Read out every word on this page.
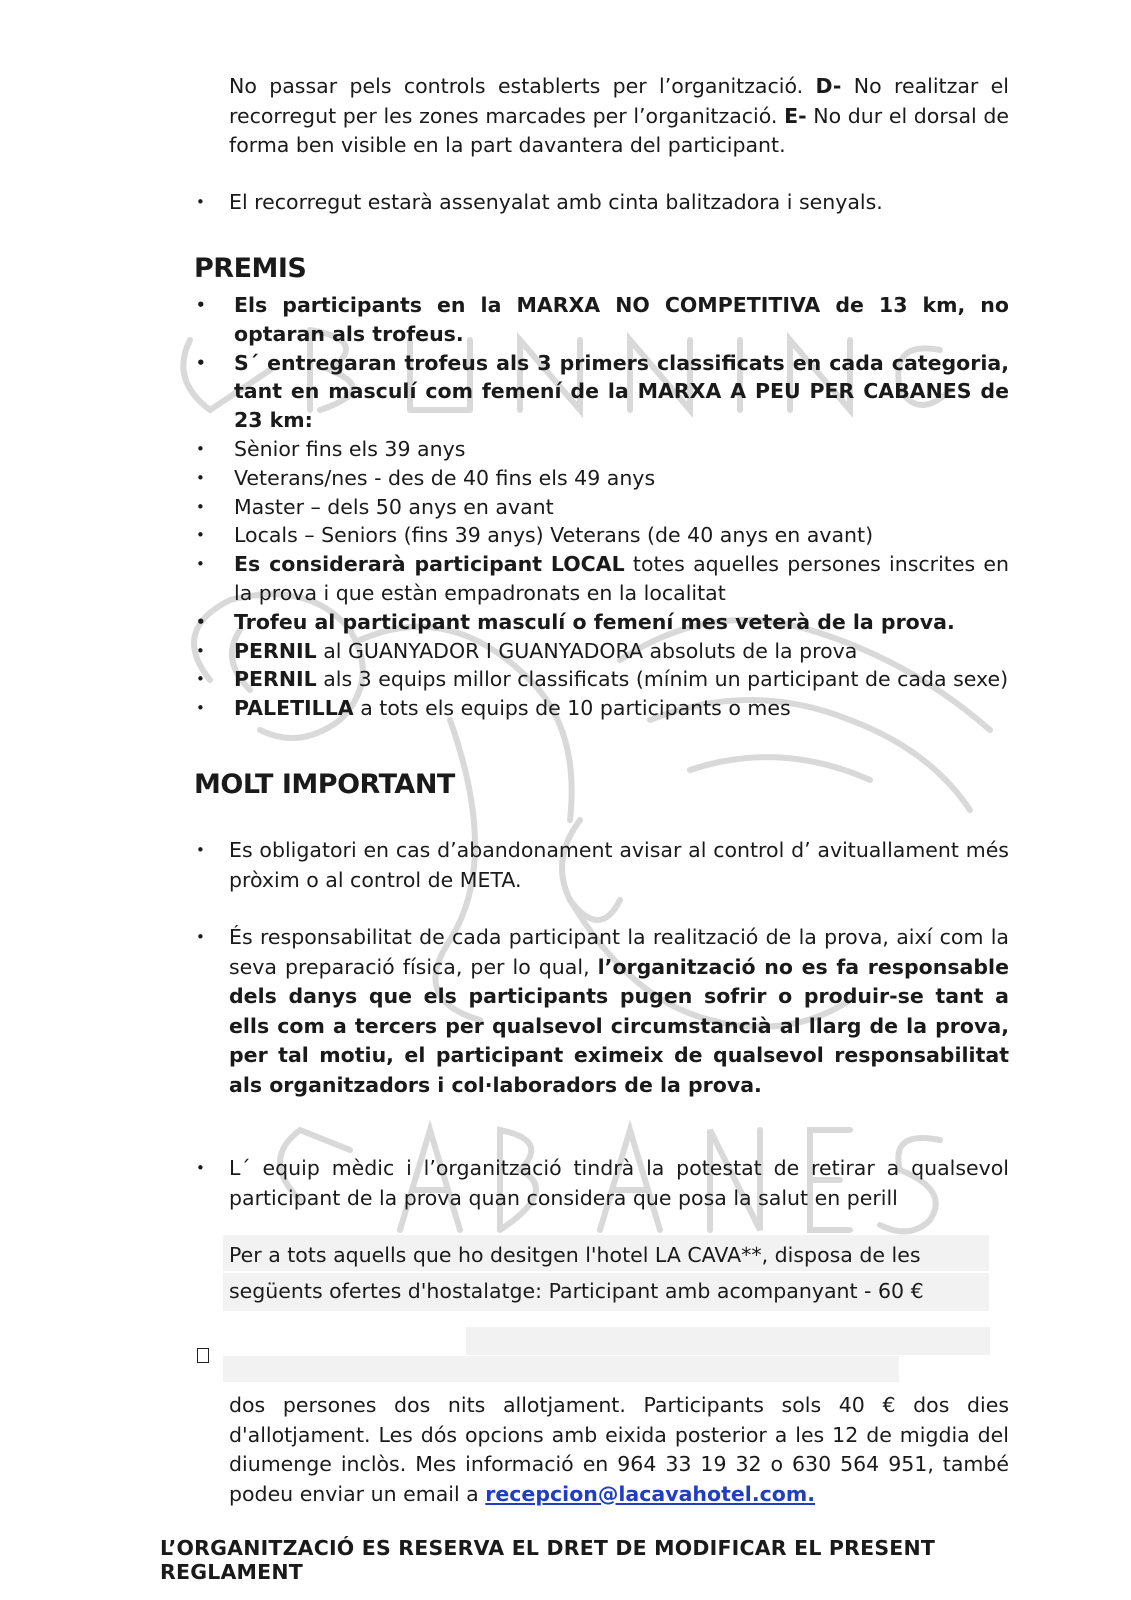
No passar pels controls establerts per l’organització. D- No realitzar el recorregut per les zones marcades per l’organització. E- No dur el dorsal de forma ben visible en la part davantera del participant.

•	El recorregut estarà assenyalat amb cinta balitzadora i senyals.
PREMIS
• Els participants en la MARXA NO COMPETITIVA de 13 km, no optaran als trofeus.
• S´ entregaran trofeus als 3 primers classificats en cada categoria, tant en masculí com femení de la MARXA A PEU PER CABANES de 23 km:
• Sènior fins els 39 anys
• Veterans/nes - des de 40 fins els 49 anys
• Master – dels 50 anys en avant
• Locals – Seniors (fins 39 anys) Veterans (de 40 anys en avant)
• Es considerarà participant LOCAL totes aquelles persones inscrites en la prova i que estàn empadronats en la localitat
• Trofeu al participant masculí o femení mes veterà de la prova.
• PERNIL al GUANYADOR I GUANYADORA absoluts de la prova
• PERNIL als 3 equips millor classificats (mínim un participant de cada sexe)
• PALETILLA a tots els equips de 10 participants o mes
MOLT IMPORTANT
•	Es obligatori en cas d’abandonament avisar al control d’ avituallament més pròxim o al control de META.
•	És responsabilitat de cada participant la realització de la prova, així com la seva preparació física, per lo qual, l’organització no es fa responsable dels danys que els participants pugen sofrir o produir-se tant a ells com a tercers per qualsevol circumstancià al llarg de la prova, per tal motiu, el participant eximeix de qualsevol responsabilitat als organitzadors i col·laboradors de la prova.
•	L´ equip mèdic i l’organització tindrà la potestat de retirar a qualsevol participant de la prova quan considera que posa la salut en perill
Per a tots aquells que ho desitgen l'hotel LA CAVA**, disposa de les
següents ofertes d'hostalatge: Participant amb acompanyant - 60 €

dos persones dos nits allotjament. Participants sols 40 € dos dies d'allotjament. Les dós opcions amb eixida posterior a les 12 de migdia del diumenge inclòs. Mes informació en 964 33 19 32 o 630 564 951, també podeu enviar un email a recepcion@lacavahotel.com.

L’ORGANITZACIÓ ES RESERVA EL DRET DE MODIFICAR EL PRESENT REGLAMENT
